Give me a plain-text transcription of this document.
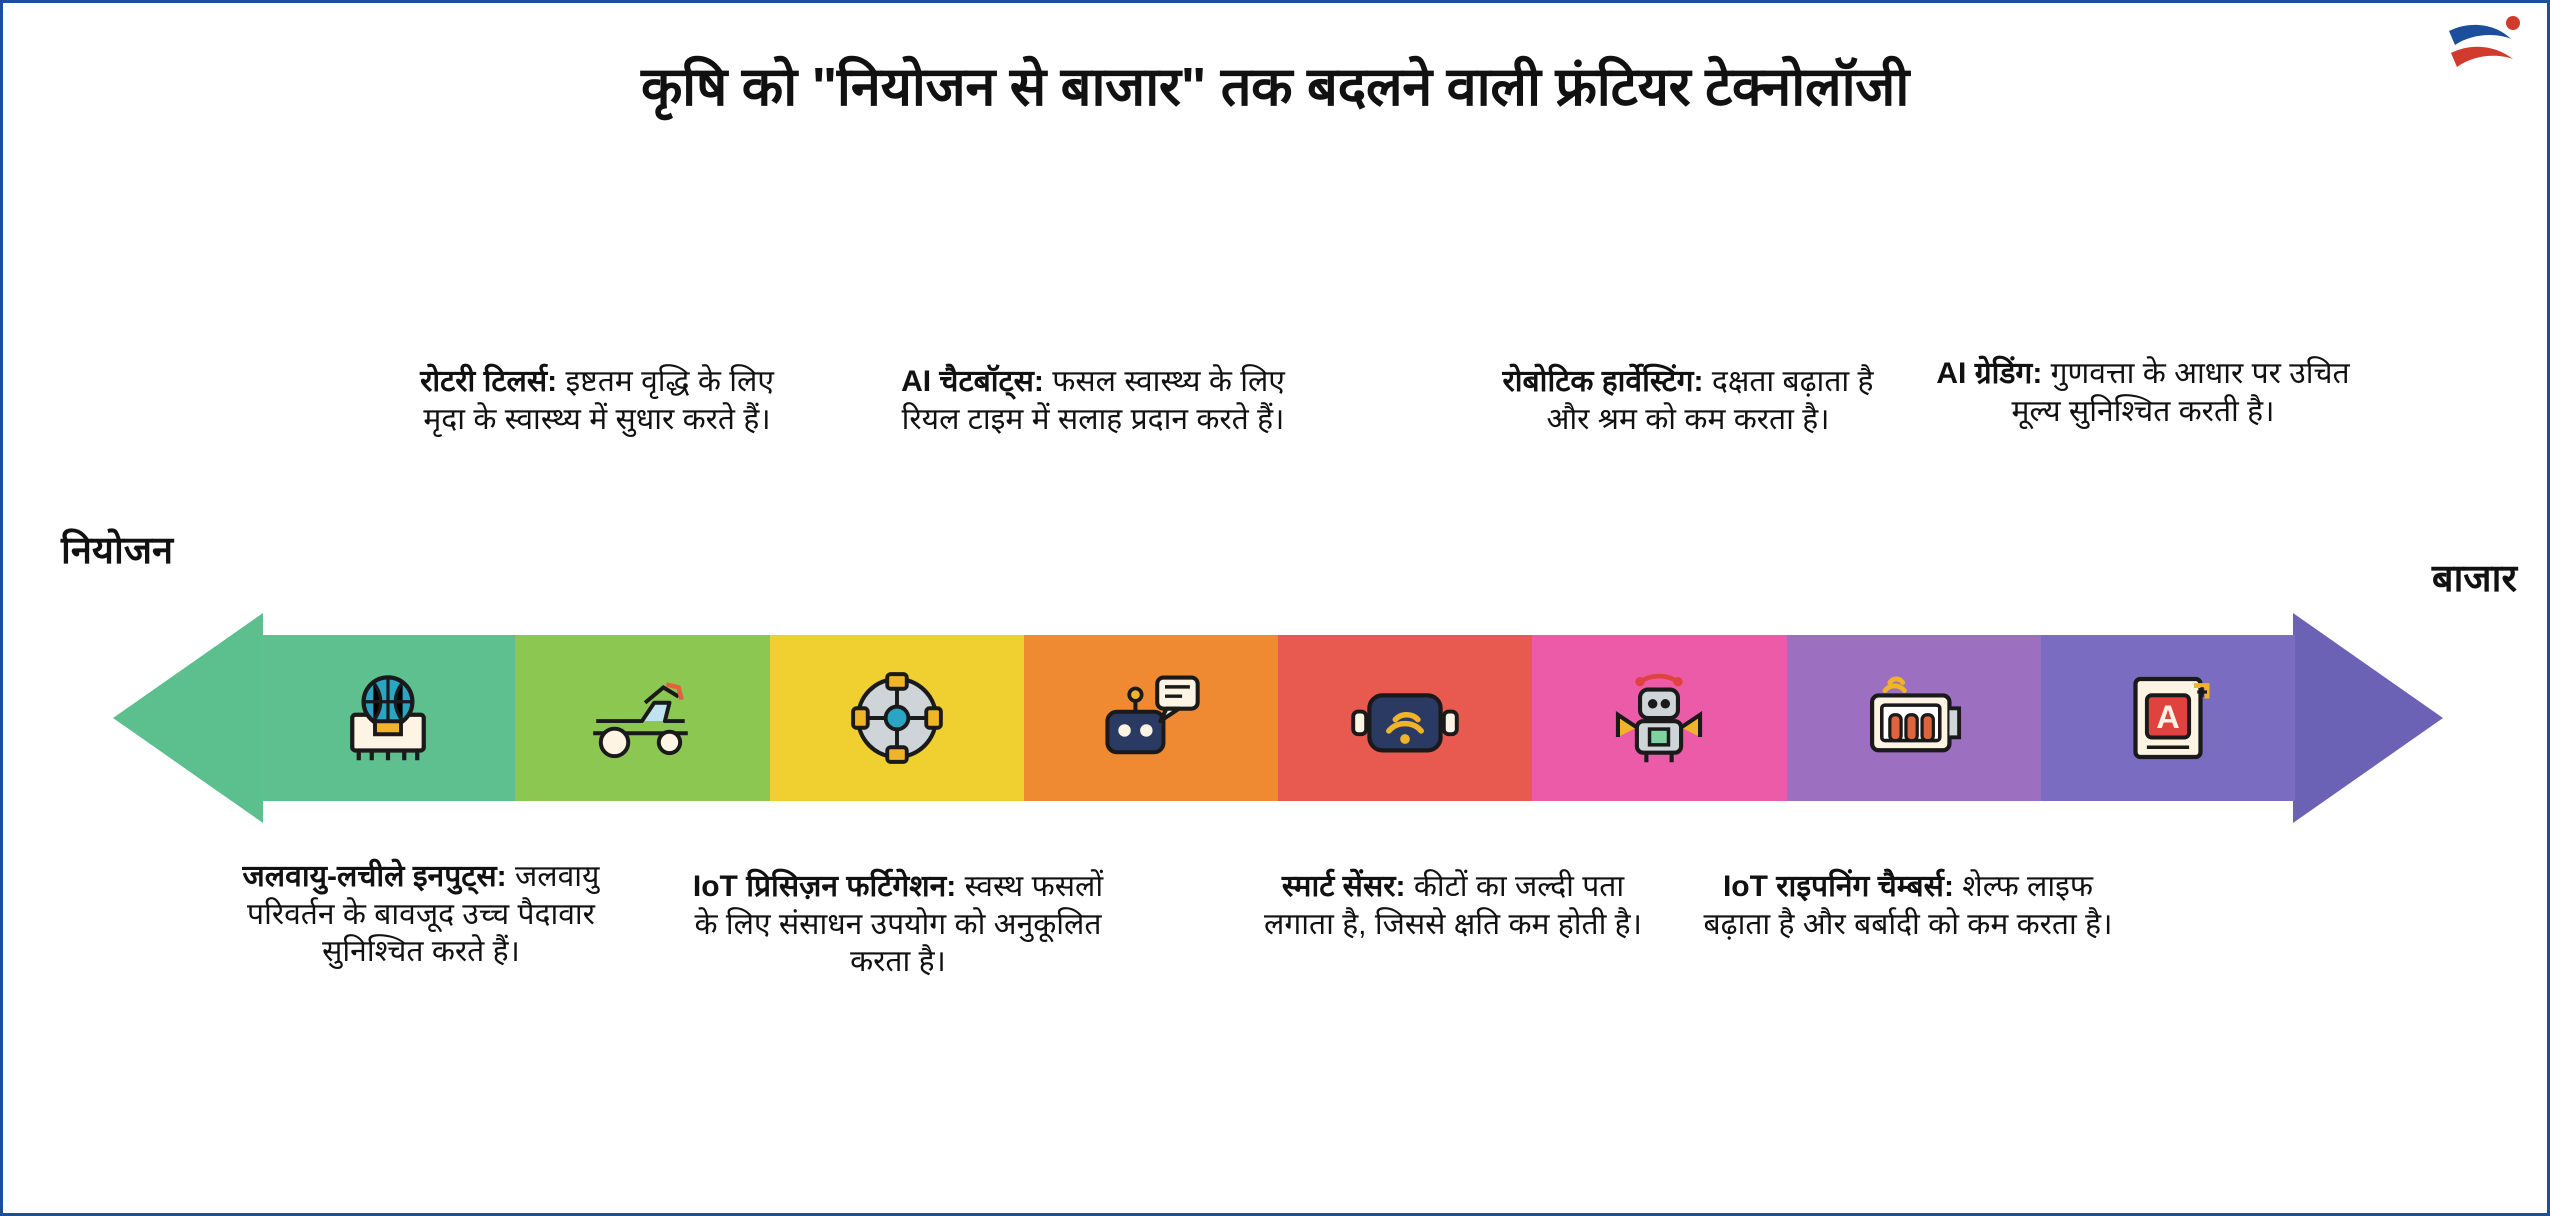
कृषि को "नियोजन से बाजार" तक बदलने वाली फ्रंटियर टेक्नोलॉजी
नियोजन
बाजार
A
रोटरी टिलर्स: इष्टतम वृद्धि के लिए मृदा के स्वास्थ्य में सुधार करते हैं।
AI चैटबॉट्स: फसल स्वास्थ्य के लिए रियल टाइम में सलाह प्रदान करते हैं।
रोबोटिक हार्वेस्टिंग: दक्षता बढ़ाता है और श्रम को कम करता है।
AI ग्रेडिंग: गुणवत्ता के आधार पर उचित मूल्य सुनिश्चित करती है।
जलवायु-लचीले इनपुट्स: जलवायु परिवर्तन के बावजूद उच्च पैदावार सुनिश्चित करते हैं।
IoT प्रिसिज़न फर्टिगेशन: स्वस्थ फसलों के लिए संसाधन उपयोग को अनुकूलित करता है।
स्मार्ट सेंसर: कीटों का जल्दी पता लगाता है, जिससे क्षति कम होती है।
IoT राइपनिंग चैम्बर्स: शेल्फ लाइफ बढ़ाता है और बर्बादी को कम करता है।
